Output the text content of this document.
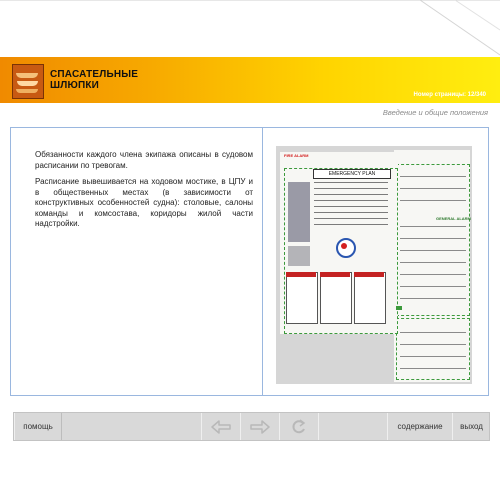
СПАСАТЕЛЬНЫЕ
ШЛЮПКИ
Номер страницы: 12/340
Введение и общие положения

Обязанности каждого члена экипажа описаны в судовом расписании по тревогам.

Расписание вывешивается на ходовом мостике, в ЦПУ и в общественных местах (в зависимости от конструктивных особенностей судна): столовые, салоны команды и комсостава, коридоры жилой части надстройки.

FIRE ALARM
EMERGENCY PLAN
GENERAL ALARM
помощь	содержание	выход
